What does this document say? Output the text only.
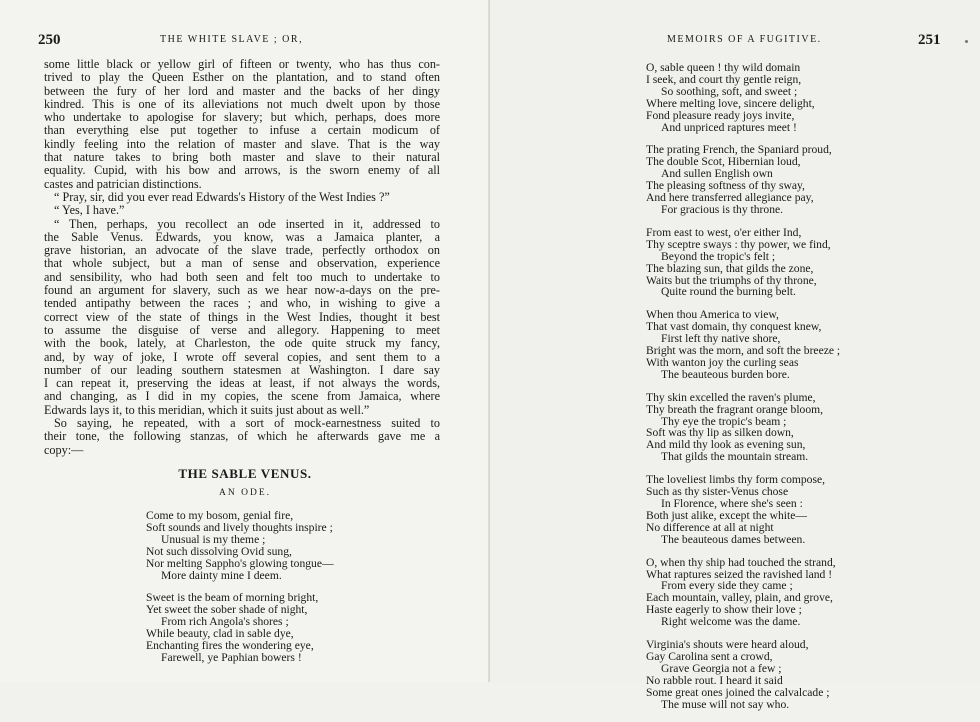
250	THE WHITE SLAVE ; OR,
some little black or yellow girl of fifteen or twenty, who has thus con-
trived to play the Queen Esther on the plantation, and to stand often
between the fury of her lord and master and the backs of her dingy
kindred. This is one of its alleviations not much dwelt upon by those
who undertake to apologise for slavery; but which, perhaps, does more
than everything else put together to infuse a certain modicum of
kindly feeling into the relation of master and slave. That is the way
that nature takes to bring both master and slave to their natural
equality. Cupid, with his bow and arrows, is the sworn enemy of all
castes and patrician distinctions.
“ Pray, sir, did you ever read Edwards's History of the West Indies ?”
“ Yes, I have.”
“ Then, perhaps, you recollect an ode inserted in it, addressed to
the Sable Venus. Edwards, you know, was a Jamaica planter, a
grave historian, an advocate of the slave trade, perfectly orthodox on
that whole subject, but a man of sense and observation, experience
and sensibility, who had both seen and felt too much to undertake to
found an argument for slavery, such as we hear now-a-days on the pre-
tended antipathy between the races ; and who, in wishing to give a
correct view of the state of things in the West Indies, thought it best
to assume the disguise of verse and allegory. Happening to meet
with the book, lately, at Charleston, the ode quite struck my fancy,
and, by way of joke, I wrote off several copies, and sent them to a
number of our leading southern statesmen at Washington. I dare say
I can repeat it, preserving the ideas at least, if not always the words,
and changing, as I did in my copies, the scene from Jamaica, where
Edwards lays it, to this meridian, which it suits just about as well.”
So saying, he repeated, with a sort of mock-earnestness suited to
their tone, the following stanzas, of which he afterwards gave me a
copy:—
THE SABLE VENUS.
AN ODE.
Come to my bosom, genial fire,
Soft sounds and lively thoughts inspire ;
Unusual is my theme ;
Not such dissolving Ovid sung,
Nor melting Sappho's glowing tongue—
More dainty mine I deem.
Sweet is the beam of morning bright,
Yet sweet the sober shade of night,
From rich Angola's shores ;
While beauty, clad in sable dye,
Enchanting fires the wondering eye,
Farewell, ye Paphian bowers !
MEMOIRS OF A FUGITIVE.	251
O, sable queen ! thy wild domain
I seek, and court thy gentle reign,
So soothing, soft, and sweet ;
Where melting love, sincere delight,
Fond pleasure ready joys invite,
And unpriced raptures meet !
The prating French, the Spaniard proud,
The double Scot, Hibernian loud,
And sullen English own
The pleasing softness of thy sway,
And here transferred allegiance pay,
For gracious is thy throne.
From east to west, o'er either Ind,
Thy sceptre sways : thy power, we find,
Beyond the tropic's felt ;
The blazing sun, that gilds the zone,
Waits but the triumphs of thy throne,
Quite round the burning belt.
When thou America to view,
That vast domain, thy conquest knew,
First left thy native shore,
Bright was the morn, and soft the breeze ;
With wanton joy the curling seas
The beauteous burden bore.
Thy skin excelled the raven's plume,
Thy breath the fragrant orange bloom,
Thy eye the tropic's beam ;
Soft was thy lip as silken down,
And mild thy look as evening sun,
That gilds the mountain stream.
The loveliest limbs thy form compose,
Such as thy sister-Venus chose
In Florence, where she's seen :
Both just alike, except the white—
No difference at all at night
The beauteous dames between.
O, when thy ship had touched the strand,
What raptures seized the ravished land !
From every side they came ;
Each mountain, valley, plain, and grove,
Haste eagerly to show their love ;
Right welcome was the dame.
Virginia's shouts were heard aloud,
Gay Carolina sent a crowd,
Grave Georgia not a few ;
No rabble rout. I heard it said
Some great ones joined the calvalcade ;
The muse will not say who.
